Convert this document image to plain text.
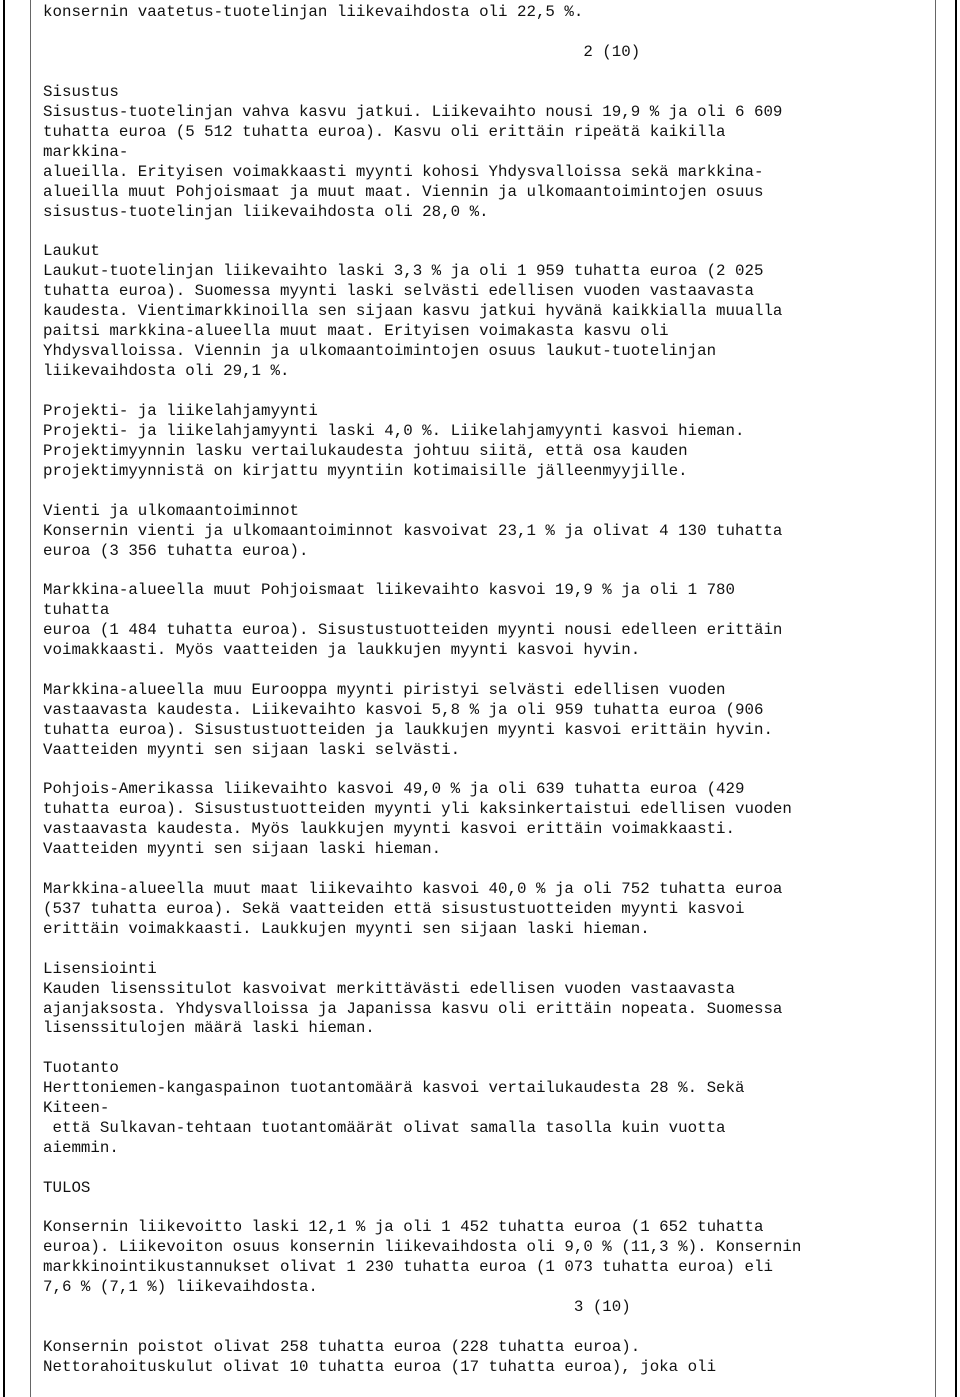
konsernin vaatetus-tuotelinjan liikevaihdosta oli 22,5 %.
2 (10)
Sisustus
Sisustus-tuotelinjan vahva kasvu jatkui. Liikevaihto nousi 19,9 % ja oli 6 609
tuhatta euroa (5 512 tuhatta euroa). Kasvu oli erittäin ripeätä kaikilla
markkina-
alueilla. Erityisen voimakkaasti myynti kohosi Yhdysvalloissa sekä markkina-
alueilla muut Pohjoismaat ja muut maat. Viennin ja ulkomaantoimintojen osuus
sisustus-tuotelinjan liikevaihdosta oli 28,0 %.
Laukut
Laukut-tuotelinjan liikevaihto laski 3,3 % ja oli 1 959 tuhatta euroa (2 025
tuhatta euroa). Suomessa myynti laski selvästi edellisen vuoden vastaavasta
kaudesta. Vientimarkkinoilla sen sijaan kasvu jatkui hyvänä kaikkialla muualla
paitsi markkina-alueella muut maat. Erityisen voimakasta kasvu oli
Yhdysvalloissa. Viennin ja ulkomaantoimintojen osuus laukut-tuotelinjan
liikevaihdosta oli 29,1 %.
Projekti- ja liikelahjamyynti
Projekti- ja liikelahjamyynti laski 4,0 %. Liikelahjamyynti kasvoi hieman.
Projektimyynnin lasku vertailukaudesta johtuu siitä, että osa kauden
projektimyynnistä on kirjattu myyntiin kotimaisille jälleenmyyjille.
Vienti ja ulkomaantoiminnot
Konsernin vienti ja ulkomaantoiminnot kasvoivat 23,1 % ja olivat 4 130 tuhatta
euroa (3 356 tuhatta euroa).
Markkina-alueella muut Pohjoismaat liikevaihto kasvoi 19,9 % ja oli 1 780
tuhatta
euroa (1 484 tuhatta euroa). Sisustustuotteiden myynti nousi edelleen erittäin
voimakkaasti. Myös vaatteiden ja laukkujen myynti kasvoi hyvin.
Markkina-alueella muu Eurooppa myynti piristyi selvästi edellisen vuoden
vastaavasta kaudesta. Liikevaihto kasvoi 5,8 % ja oli 959 tuhatta euroa (906
tuhatta euroa). Sisustustuotteiden ja laukkujen myynti kasvoi erittäin hyvin.
Vaatteiden myynti sen sijaan laski selvästi.
Pohjois-Amerikassa liikevaihto kasvoi 49,0 % ja oli 639 tuhatta euroa (429
tuhatta euroa). Sisustustuotteiden myynti yli kaksinkertaistui edellisen vuoden
vastaavasta kaudesta. Myös laukkujen myynti kasvoi erittäin voimakkaasti.
Vaatteiden myynti sen sijaan laski hieman.
Markkina-alueella muut maat liikevaihto kasvoi 40,0 % ja oli 752 tuhatta euroa
(537 tuhatta euroa). Sekä vaatteiden että sisustustuotteiden myynti kasvoi
erittäin voimakkaasti. Laukkujen myynti sen sijaan laski hieman.
Lisensiointi
Kauden lisenssitulot kasvoivat merkittävästi edellisen vuoden vastaavasta
ajanjaksosta. Yhdysvalloissa ja Japanissa kasvu oli erittäin nopeata. Suomessa
lisenssitulojen määrä laski hieman.
Tuotanto
Herttoniemen-kangaspainon tuotantomäärä kasvoi vertailukaudesta 28 %. Sekä
Kiteen-
että Sulkavan-tehtaan tuotantomäärät olivat samalla tasolla kuin vuotta
aiemmin.
TULOS
Konsernin liikevoitto laski 12,1 % ja oli 1 452 tuhatta euroa (1 652 tuhatta
euroa). Liikevoiton osuus konsernin liikevaihdosta oli 9,0 % (11,3 %). Konsernin
markkinointikustannukset olivat 1 230 tuhatta euroa (1 073 tuhatta euroa) eli
7,6 % (7,1 %) liikevaihdosta.
3 (10)
Konsernin poistot olivat 258 tuhatta euroa (228 tuhatta euroa).
Nettorahoituskulut olivat 10 tuhatta euroa (17 tuhatta euroa), joka oli
